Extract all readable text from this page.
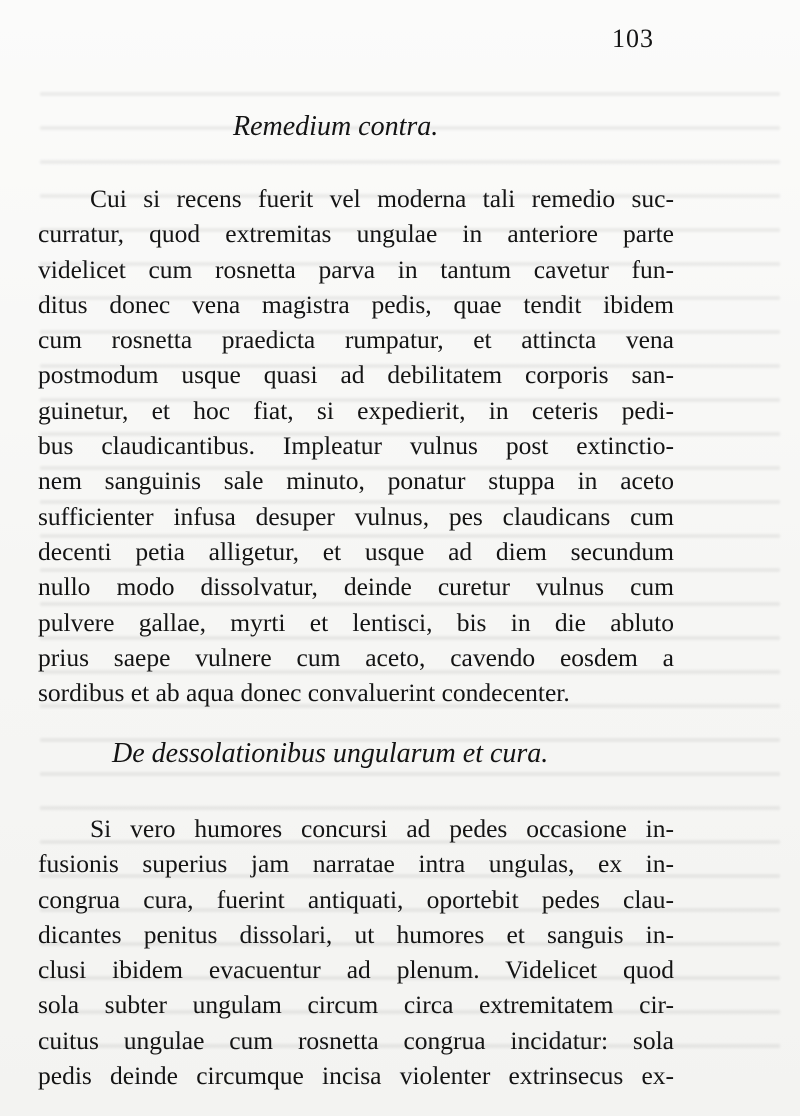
103
Remedium contra.
Cui si recens fuerit vel moderna tali remedio suc-
curratur, quod extremitas ungulae in anteriore parte
videlicet cum rosnetta parva in tantum cavetur fun-
ditus donec vena magistra pedis, quae tendit ibidem
cum rosnetta praedicta rumpatur, et attincta vena
postmodum usque quasi ad debilitatem corporis san-
guinetur, et hoc fiat, si expedierit, in ceteris pedi-
bus claudicantibus. Impleatur vulnus post extinctio-
nem sanguinis sale minuto, ponatur stuppa in aceto
sufficienter infusa desuper vulnus, pes claudicans cum
decenti petia alligetur, et usque ad diem secundum
nullo modo dissolvatur, deinde curetur vulnus cum
pulvere gallae, myrti et lentisci, bis in die abluto
prius saepe vulnere cum aceto, cavendo eosdem a
sordibus et ab aqua donec convaluerint condecenter.
De dessolationibus ungularum et cura.
Si vero humores concursi ad pedes occasione in-
fusionis superius jam narratae intra ungulas, ex in-
congrua cura, fuerint antiquati, oportebit pedes clau-
dicantes penitus dissolari, ut humores et sanguis in-
clusi ibidem evacuentur ad plenum. Videlicet quod
sola subter ungulam circum circa extremitatem cir-
cuitus ungulae cum rosnetta congrua incidatur: sola
pedis deinde circumque incisa violenter extrinsecus ex-
